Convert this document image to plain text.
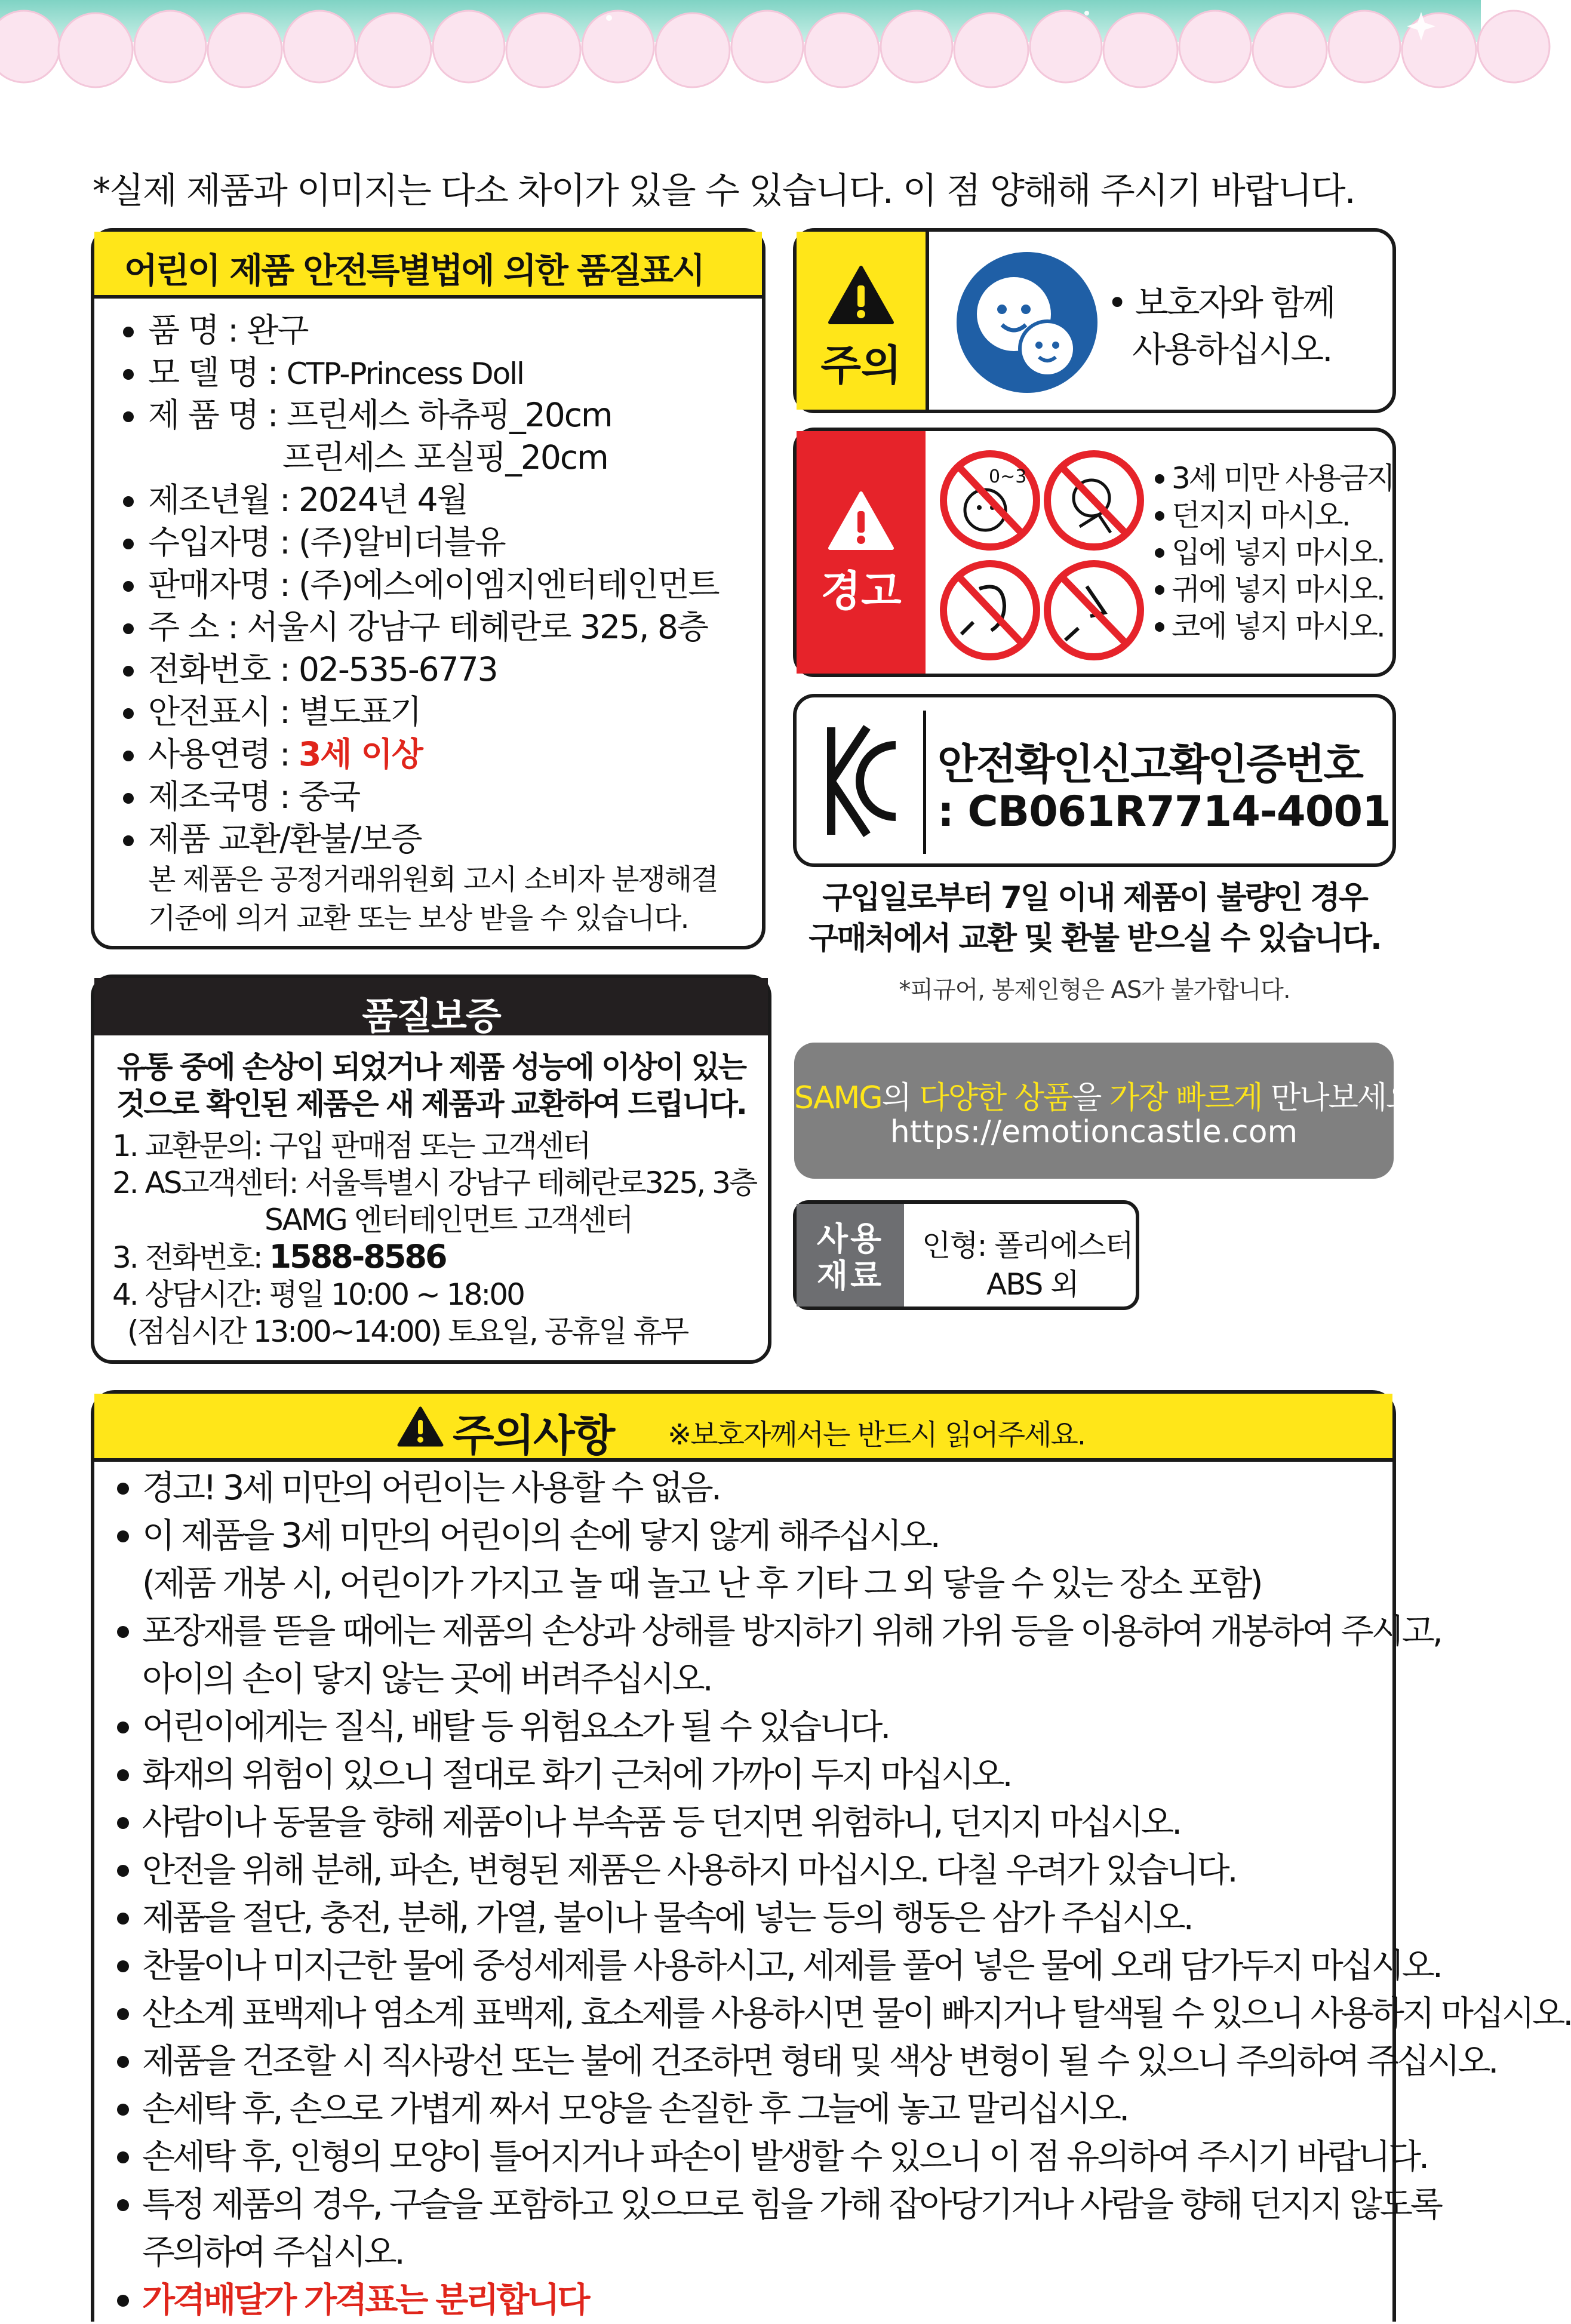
*실제 제품과 이미지는 다소 차이가 있을 수 있습니다. 이 점 양해해 주시기 바랍니다.
어린이 제품 안전특별법에 의한 품질표시
품 명 : 완구
모 델 명 : CTP-Princess Doll
제 품 명 : 프린세스 하츄핑_20cm
프린세스 포실핑_20cm
제조년월 : 2024년 4월
수입자명 : (주)알비더블유
판매자명 : (주)에스에이엠지엔터테인먼트
주 소 : 서울시 강남구 테헤란로 325, 8층
전화번호 : 02-535-6773
안전표시 : 별도표기
사용연령 : 3세 이상
제조국명 : 중국
제품 교환/환불/보증
본 제품은 공정거래위원회 고시 소비자 분쟁해결
기준에 의거 교환 또는 보상 받을 수 있습니다.
품질보증
유통 중에 손상이 되었거나 제품 성능에 이상이 있는
것으로 확인된 제품은 새 제품과 교환하여 드립니다.
1. 교환문의: 구입 판매점 또는 고객센터
2. AS고객센터: 서울특별시 강남구 테헤란로325, 3층
SAMG 엔터테인먼트 고객센터
3. 전화번호: 1588-8586
4. 상담시간: 평일 10:00 ~ 18:00
(점심시간 13:00~14:00) 토요일, 공휴일 휴무
주의
• 보호자와 함께
사용하십시오.
경고
0~3	3세 미만 사용금지
던지지 마시오.
입에 넣지 마시오.
귀에 넣지 마시오.
코에 넣지 마시오.
안전확인신고확인증번호
: CB061R7714-4001
구입일로부터 7일 이내 제품이 불량인 경우
구매처에서 교환 및 환불 받으실 수 있습니다.
*피규어, 봉제인형은 AS가 불가합니다.
SAMG의 다양한 상품을 가장 빠르게 만나보세요.
https://emotioncastle.com
사용
재료
인형: 폴리에스터
ABS 외
주의사항 ※보호자께서는 반드시 읽어주세요.
경고! 3세 미만의 어린이는 사용할 수 없음.
이 제품을 3세 미만의 어린이의 손에 닿지 않게 해주십시오.
(제품 개봉 시, 어린이가 가지고 놀 때 놀고 난 후 기타 그 외 닿을 수 있는 장소 포함)
포장재를 뜯을 때에는 제품의 손상과 상해를 방지하기 위해 가위 등을 이용하여 개봉하여 주시고,
아이의 손이 닿지 않는 곳에 버려주십시오.
어린이에게는 질식, 배탈 등 위험요소가 될 수 있습니다.
화재의 위험이 있으니 절대로 화기 근처에 가까이 두지 마십시오.
사람이나 동물을 향해 제품이나 부속품 등 던지면 위험하니, 던지지 마십시오.
안전을 위해 분해, 파손, 변형된 제품은 사용하지 마십시오. 다칠 우려가 있습니다.
제품을 절단, 충전, 분해, 가열, 불이나 물속에 넣는 등의 행동은 삼가 주십시오.
찬물이나 미지근한 물에 중성세제를 사용하시고, 세제를 풀어 넣은 물에 오래 담가두지 마십시오.
산소계 표백제나 염소계 표백제, 효소제를 사용하시면 물이 빠지거나 탈색될 수 있으니 사용하지 마십시오.
제품을 건조할 시 직사광선 또는 불에 건조하면 형태 및 색상 변형이 될 수 있으니 주의하여 주십시오.
손세탁 후, 손으로 가볍게 짜서 모양을 손질한 후 그늘에 놓고 말리십시오.
손세탁 후, 인형의 모양이 틀어지거나 파손이 발생할 수 있으니 이 점 유의하여 주시기 바랍니다.
특정 제품의 경우, 구슬을 포함하고 있으므로 힘을 가해 잡아당기거나 사람을 향해 던지지 않도록
주의하여 주십시오.
가격배달가 가격표는 분리합니다
